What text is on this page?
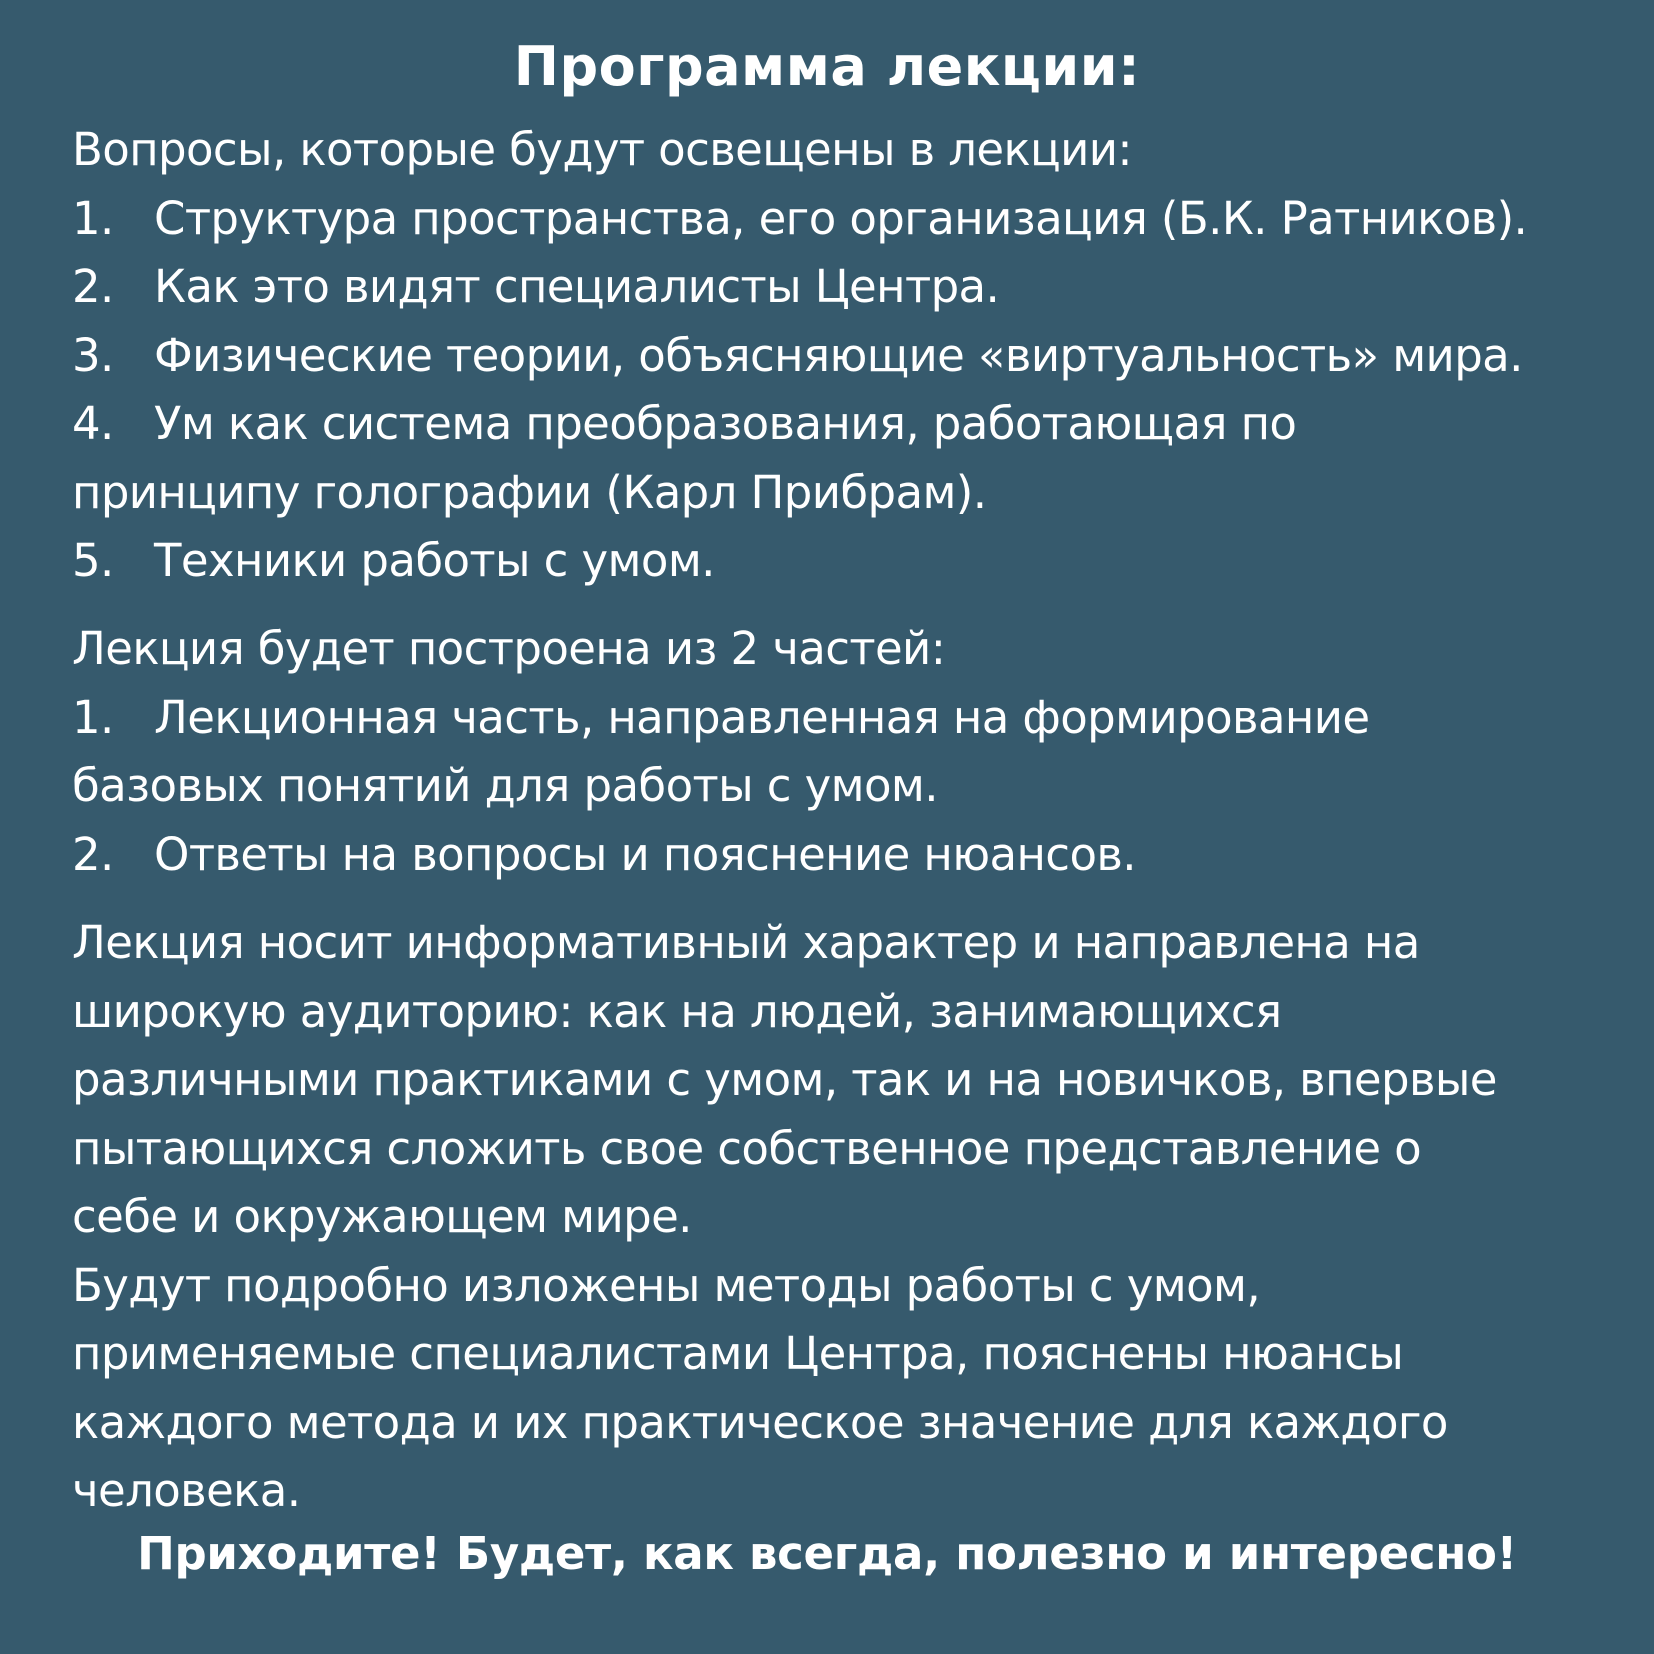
Программа лекции:
Вопросы, которые будут освещены в лекции:
1. Структура пространства, его организация (Б.К. Ратников).
2. Как это видят специалисты Центра.
3. Физические теории, объясняющие «виртуальность» мира.
4. Ум как система преобразования, работающая по
принципу голографии (Карл Прибрам).
5. Техники работы с умом.
Лекция будет построена из 2 частей:
1. Лекционная часть, направленная на формирование
базовых понятий для работы с умом.
2. Ответы на вопросы и пояснение нюансов.
Лекция носит информативный характер и направлена на
широкую аудиторию: как на людей, занимающихся
различными практиками с умом, так и на новичков, впервые
пытающихся сложить свое собственное представление о
себе и окружающем мире.
Будут подробно изложены методы работы с умом,
применяемые специалистами Центра, пояснены нюансы
каждого метода и их практическое значение для каждого
человека.
Приходите! Будет, как всегда, полезно и интересно!
